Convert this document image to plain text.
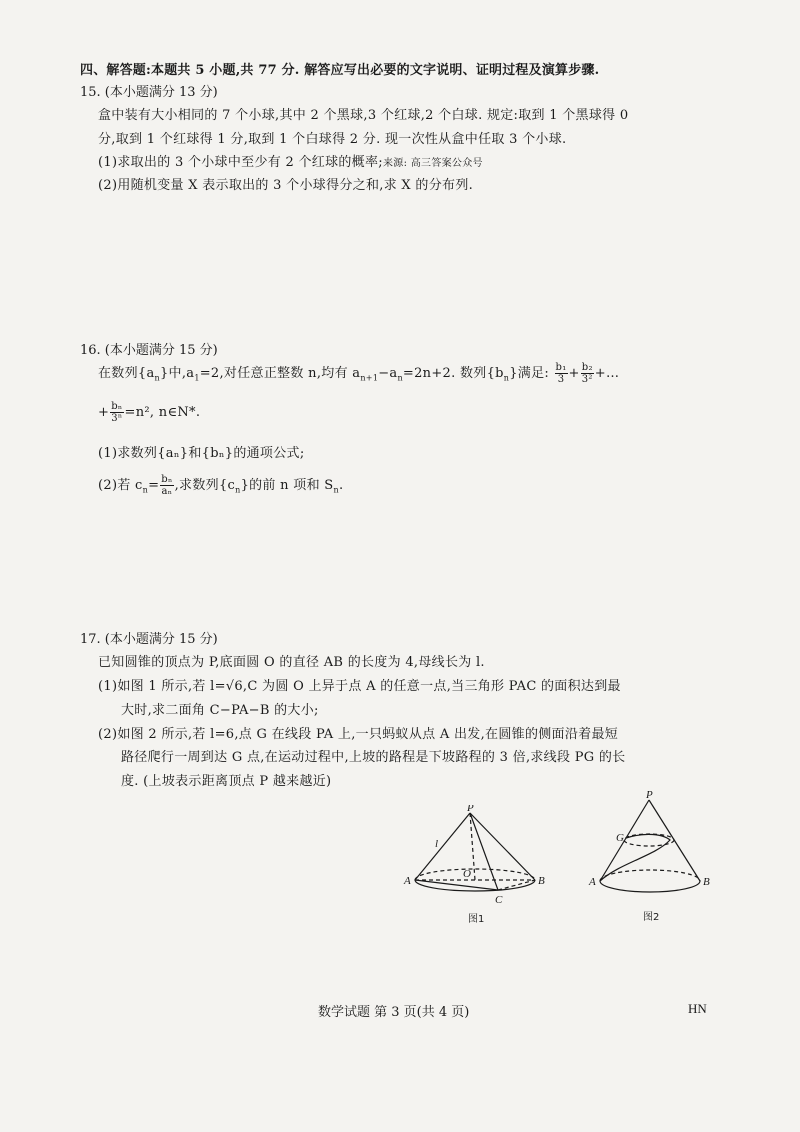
四、解答题:本题共 5 小题,共 77 分. 解答应写出必要的文字说明、证明过程及演算步骤.
15. (本小题满分 13 分)
盒中装有大小相同的 7 个小球,其中 2 个黑球,3 个红球,2 个白球. 规定:取到 1 个黑球得 0
分,取到 1 个红球得 1 分,取到 1 个白球得 2 分. 现一次性从盒中任取 3 个小球.
(1)求取出的 3 个小球中至少有 2 个红球的概率;来源: 高三答案公众号
(2)用随机变量 X 表示取出的 3 个小球得分之和,求 X 的分布列.
16. (本小题满分 15 分)
在数列$\{a_n\}$中$,a_1=2$,对任意正整数 n,均有 $a_{n+1}-a_n=2n+2$. 数列$\{b_n\}$满足: $\frac{\text{b₁}}{3} + \frac{\text{b₂}}{\text{3²}}$ +…
+ $\frac{\text{bₙ}}{\text{3ⁿ}} =n^2$, n∈N*.
(1)求数列{aₙ}和{bₙ}的通项公式;
(2)若 $c_n= \frac{\text{bₙ}}{\text{aₙ}}$ ,求数列$\{c_n\}$的前 n 项和 $S_n$.
17. (本小题满分 15 分)
已知圆锥的顶点为 P,底面圆 O 的直径 AB 的长度为 4,母线长为 l.
(1)如图 1 所示,若 l=√6,C 为圆 O 上异于点 A 的任意一点,当三角形 PAC 的面积达到最
大时,求二面角 C−PA−B 的大小;
(2)如图 2 所示,若 l=6,点 G 在线段 PA 上,一只蚂蚁从点 A 出发,在圆锥的侧面沿着最短
路径爬行一周到达 G 点,在运动过程中,上坡的路程是下坡路程的 3 倍,求线段 PG 的长
度. (上坡表示距离顶点 P 越来越近)
P
l
A
O
B
C
图1
P
G
A	B
图2
数学试题 第 3 页(共 4 页)	HN
